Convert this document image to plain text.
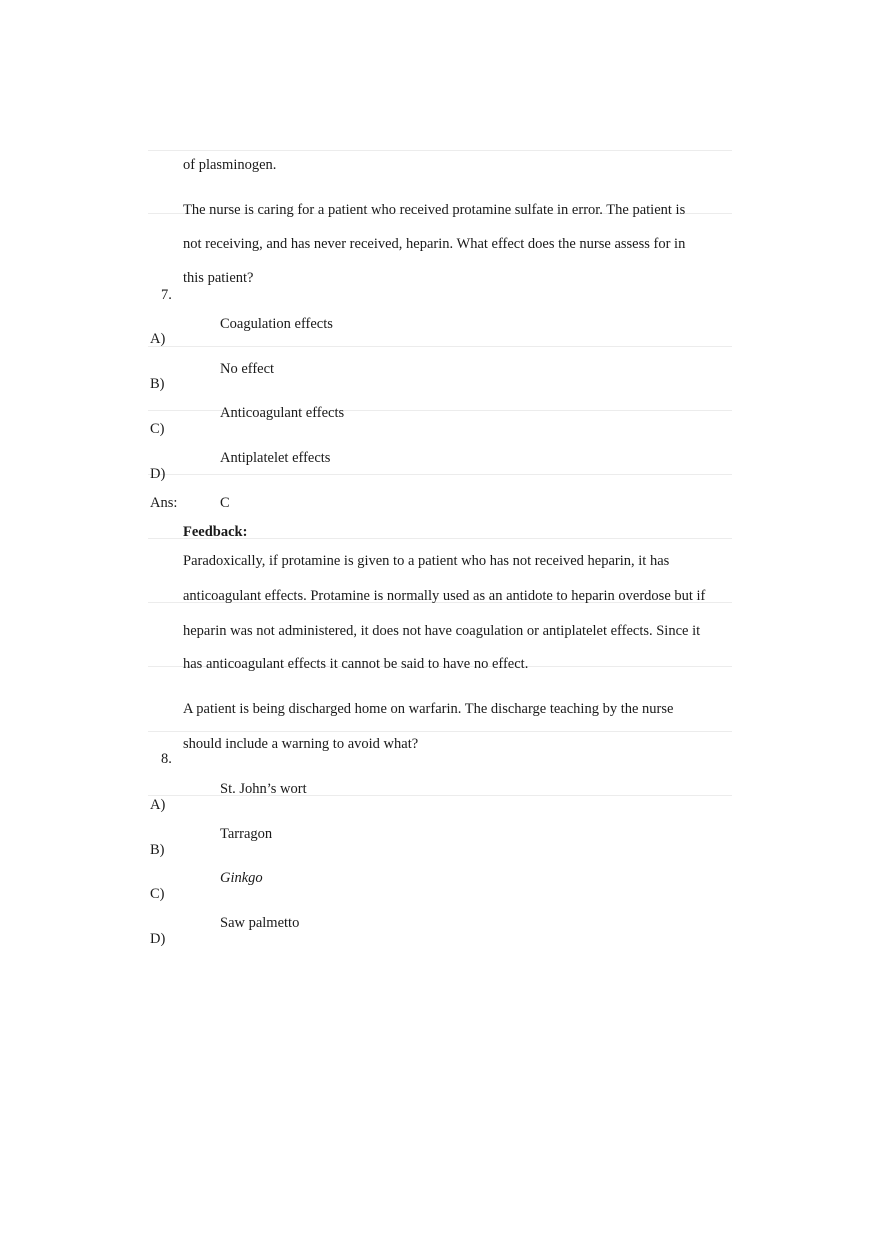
of plasminogen.
The nurse is caring for a patient who received protamine sulfate in error. The patient is
not receiving, and has never received, heparin. What effect does the nurse assess for in
this patient?
7.
Coagulation effects
A)
No effect
B)
Anticoagulant effects
C)
Antiplatelet effects
D)
Ans:	C
Feedback:
Paradoxically, if protamine is given to a patient who has not received heparin, it has
anticoagulant effects. Protamine is normally used as an antidote to heparin overdose but if
heparin was not administered, it does not have coagulation or antiplatelet effects. Since it
has anticoagulant effects it cannot be said to have no effect.
A patient is being discharged home on warfarin. The discharge teaching by the nurse
should include a warning to avoid what?
8.
St. John’s wort
A)
Tarragon
B)
Ginkgo
C)
Saw palmetto
D)
